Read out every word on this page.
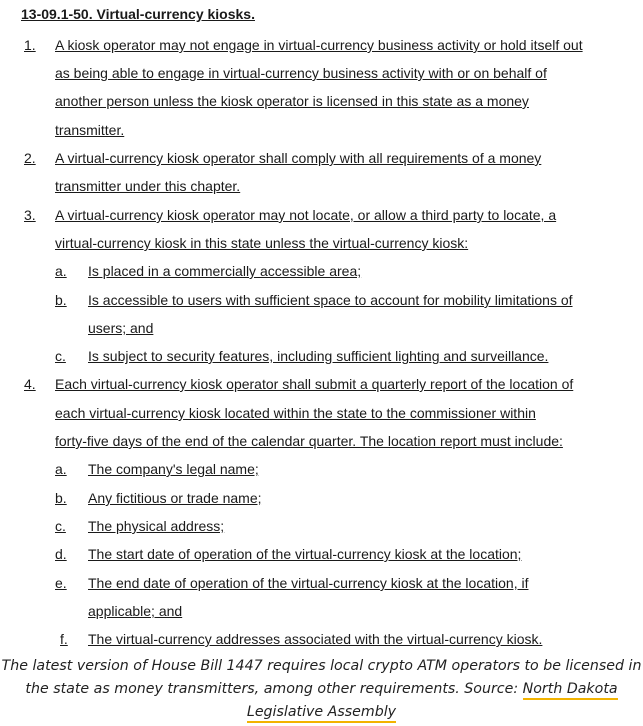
13-09.1-50. Virtual-currency kiosks.
1. A kiosk operator may not engage in virtual-currency business activity or hold itself out
as being able to engage in virtual-currency business activity with or on behalf of
another person unless the kiosk operator is licensed in this state as a money
transmitter.
2. A virtual-currency kiosk operator shall comply with all requirements of a money
transmitter under this chapter.
3. A virtual-currency kiosk operator may not locate, or allow a third party to locate, a
virtual-currency kiosk in this state unless the virtual-currency kiosk:
a. Is placed in a commercially accessible area;
b. Is accessible to users with sufficient space to account for mobility limitations of
users; and
c. Is subject to security features, including sufficient lighting and surveillance.
4. Each virtual-currency kiosk operator shall submit a quarterly report of the location of
each virtual-currency kiosk located within the state to the commissioner within
forty-five days of the end of the calendar quarter. The location report must include:
a. The company's legal name;
b. Any fictitious or trade name;
c. The physical address;
d. The start date of operation of the virtual-currency kiosk at the location;
e. The end date of operation of the virtual-currency kiosk at the location, if
applicable; and
f. The virtual-currency addresses associated with the virtual-currency kiosk.
The latest version of House Bill 1447 requires local crypto ATM operators to be licensed in the state as money transmitters, among other requirements. Source: North Dakota Legislative Assembly
